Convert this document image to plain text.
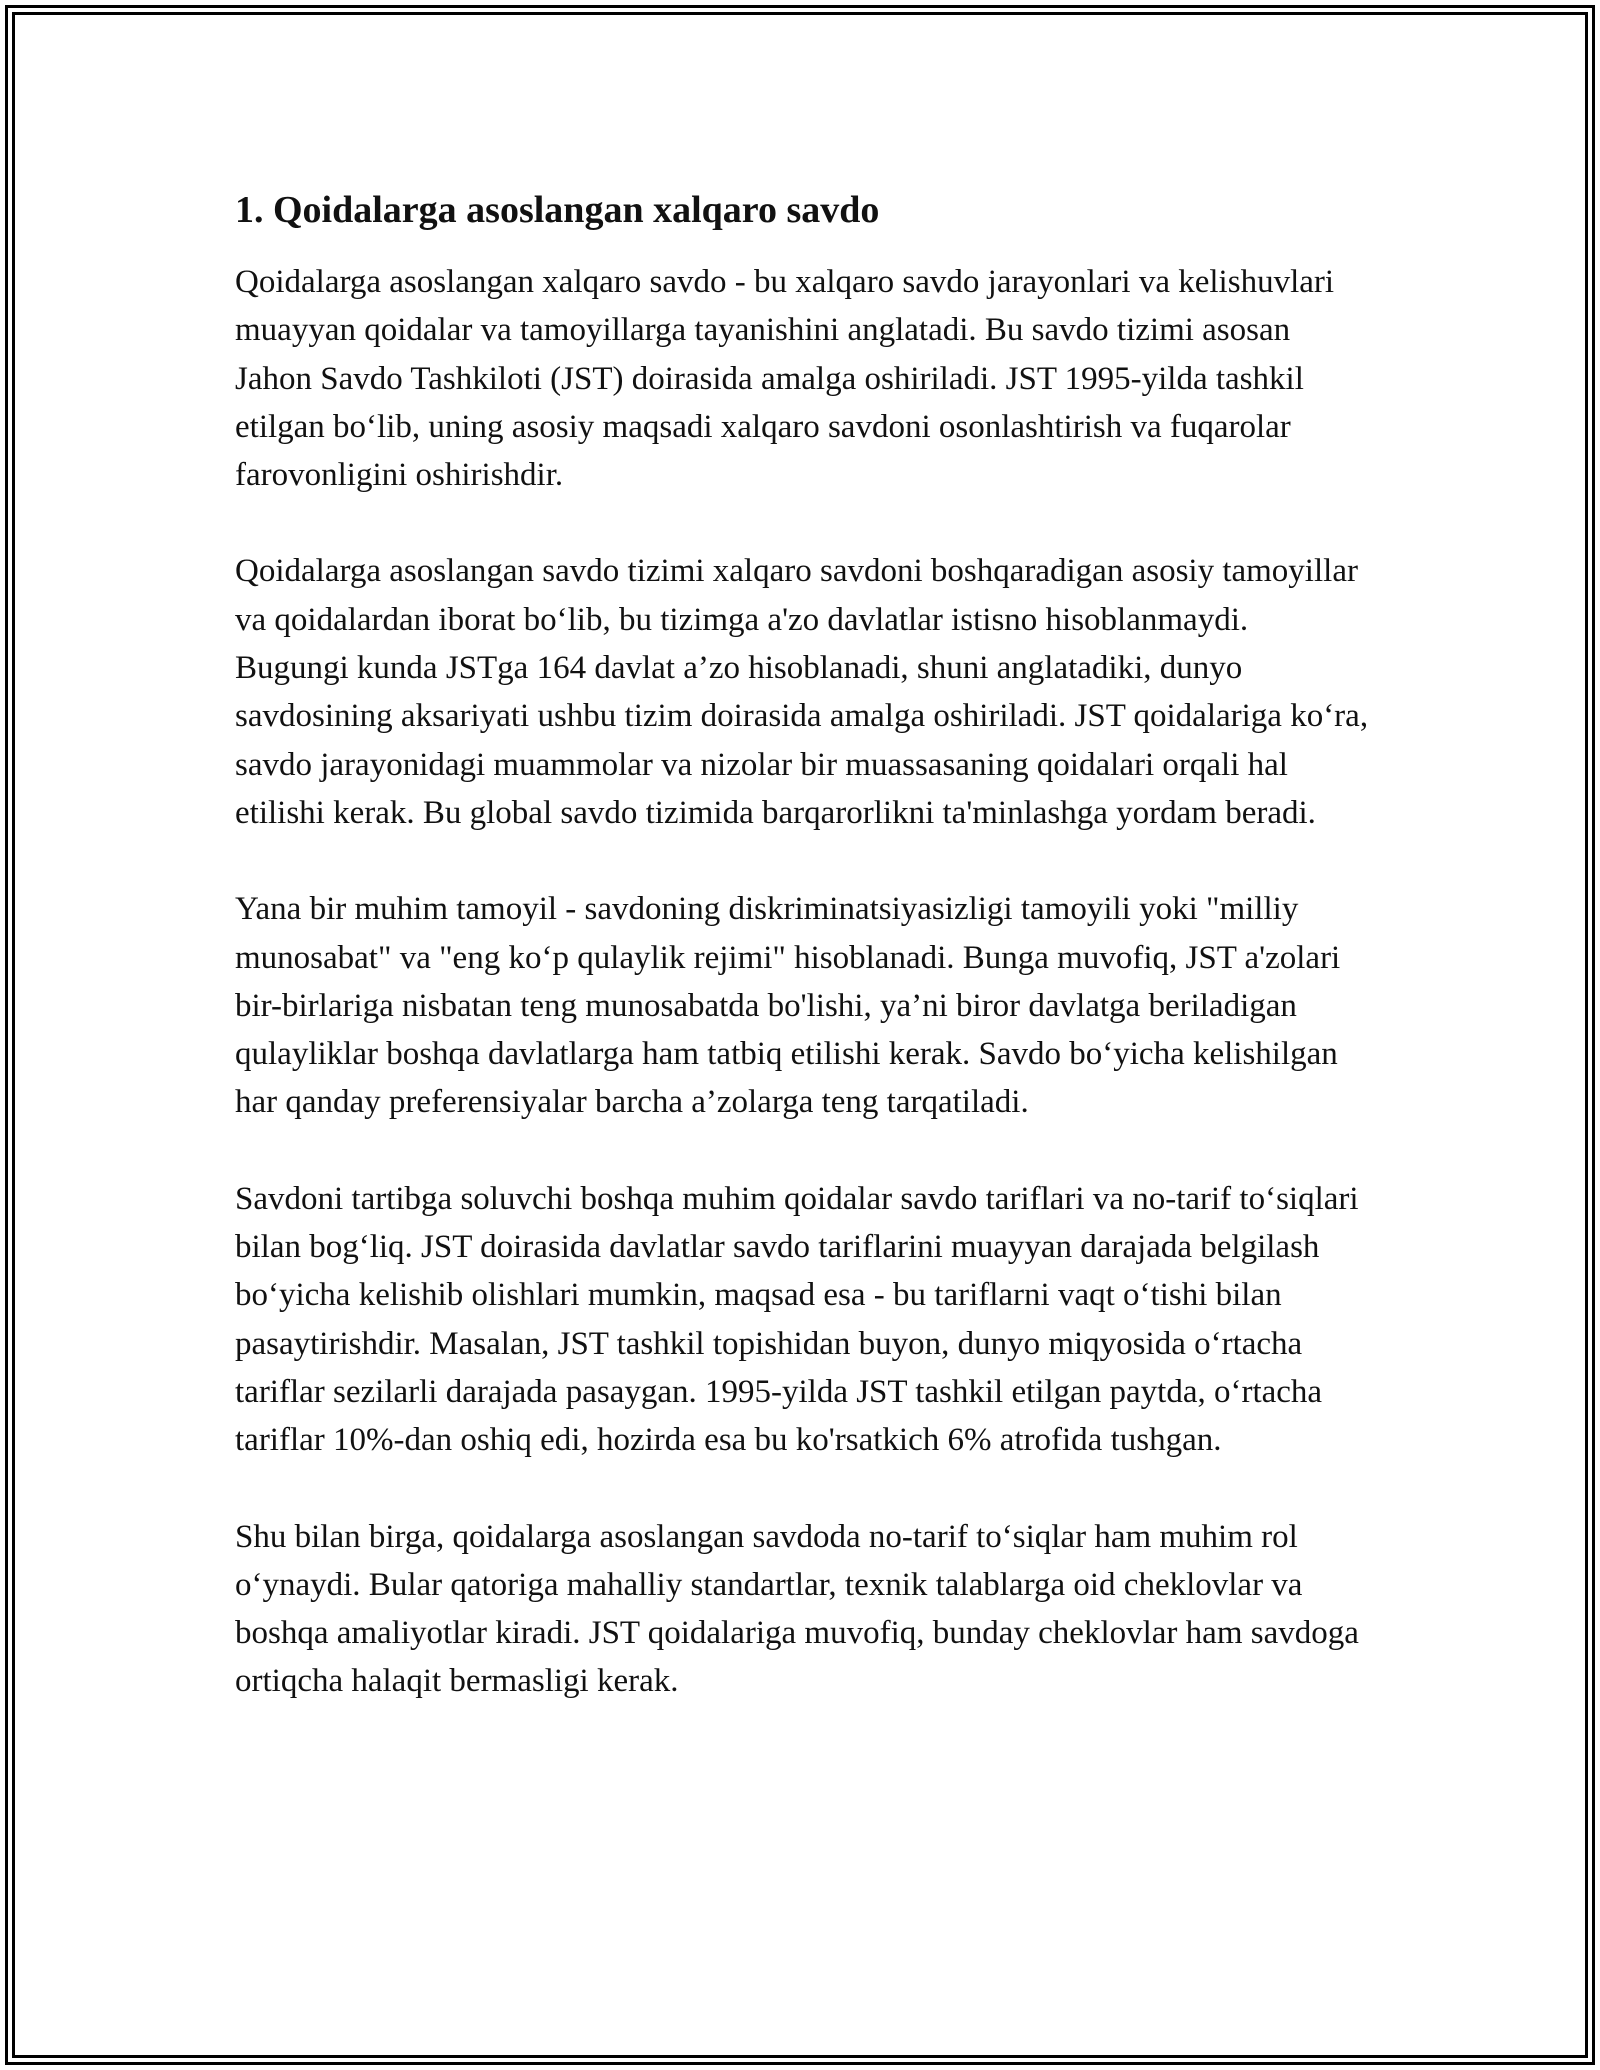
1. Qoidalarga asoslangan xalqaro savdo

Qoidalarga asoslangan xalqaro savdo - bu xalqaro savdo jarayonlari va kelishuvlari muayyan qoidalar va tamoyillarga tayanishini anglatadi. Bu savdo tizimi asosan Jahon Savdo Tashkiloti (JST) doirasida amalga oshiriladi. JST 1995-yilda tashkil etilgan bo‘lib, uning asosiy maqsadi xalqaro savdoni osonlashtirish va fuqarolar farovonligini oshirishdir.

Qoidalarga asoslangan savdo tizimi xalqaro savdoni boshqaradigan asosiy tamoyillar va qoidalardan iborat bo‘lib, bu tizimga a'zo davlatlar istisno hisoblanmaydi. Bugungi kunda JSTga 164 davlat a’zo hisoblanadi, shuni anglatadiki, dunyo savdosining aksariyati ushbu tizim doirasida amalga oshiriladi. JST qoidalariga ko‘ra, savdo jarayonidagi muammolar va nizolar bir muassasaning qoidalari orqali hal etilishi kerak. Bu global savdo tizimida barqarorlikni ta'minlashga yordam beradi.

Yana bir muhim tamoyil - savdoning diskriminatsiyasizligi tamoyili yoki "milliy munosabat" va "eng ko‘p qulaylik rejimi" hisoblanadi. Bunga muvofiq, JST a'zolari bir-birlariga nisbatan teng munosabatda bo'lishi, ya’ni biror davlatga beriladigan qulayliklar boshqa davlatlarga ham tatbiq etilishi kerak. Savdo bo‘yicha kelishilgan har qanday preferensiyalar barcha a’zolarga teng tarqatiladi.

Savdoni tartibga soluvchi boshqa muhim qoidalar savdo tariflari va no-tarif to‘siqlari bilan bog‘liq. JST doirasida davlatlar savdo tariflarini muayyan darajada belgilash bo‘yicha kelishib olishlari mumkin, maqsad esa - bu tariflarni vaqt o‘tishi bilan pasaytirishdir. Masalan, JST tashkil topishidan buyon, dunyo miqyosida o‘rtacha tariflar sezilarli darajada pasaygan. 1995-yilda JST tashkil etilgan paytda, o‘rtacha tariflar 10%-dan oshiq edi, hozirda esa bu ko'rsatkich 6% atrofida tushgan.

Shu bilan birga, qoidalarga asoslangan savdoda no-tarif to‘siqlar ham muhim rol o‘ynaydi. Bular qatoriga mahalliy standartlar, texnik talablarga oid cheklovlar va boshqa amaliyotlar kiradi. JST qoidalariga muvofiq, bunday cheklovlar ham savdoga ortiqcha halaqit bermasligi kerak.
